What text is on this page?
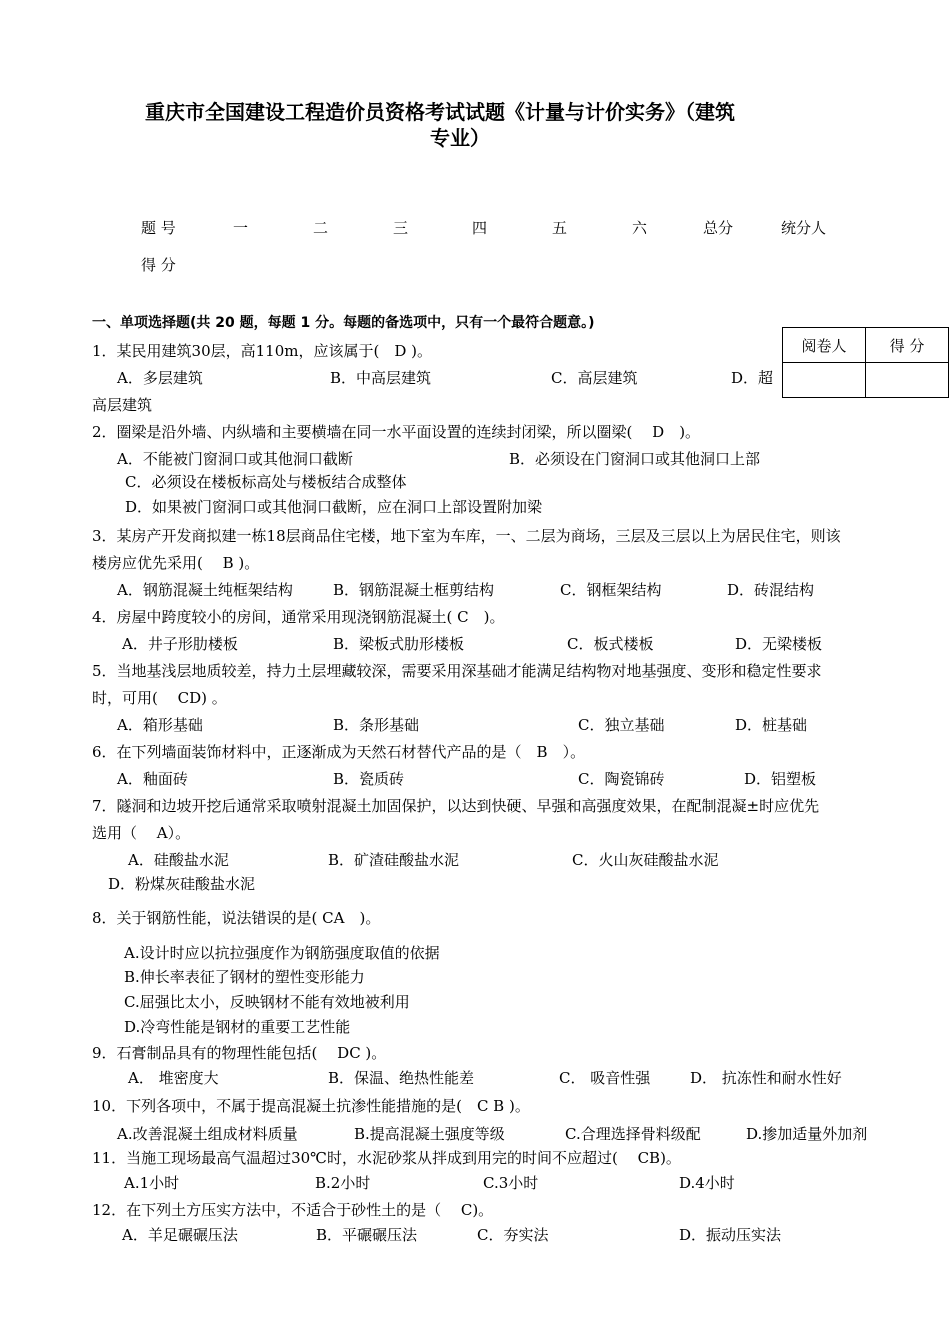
重庆市全国建设工程造价员资格考试试题《计量与计价实务》（建筑
专业）
题 号	一	二	三	四	五	六	总分	统分人
得 分
一、单项选择题(共 20 题，每题 1 分。每题的备选项中，只有一个最符合题意。)
阅卷人	得 分

1．某民用建筑30层，高110m，应该属于(　D )。
A．多层建筑	B．中高层建筑	C．高层建筑	D．超
高层建筑
2．圈梁是沿外墙、内纵墙和主要横墙在同一水平面设置的连续封闭梁，所以圈梁(　 D　)。
A．不能被门窗洞口或其他洞口截断	B．必须设在门窗洞口或其他洞口上部
C．必须设在楼板标高处与楼板结合成整体
D．如果被门窗洞口或其他洞口截断，应在洞口上部设置附加梁
3．某房产开发商拟建一栋18层商品住宅楼，地下室为车库，一、二层为商场，三层及三层以上为居民住宅，则该
楼房应优先采用(　 B )。
A．钢筋混凝土纯框架结构	B．钢筋混凝土框剪结构	C．钢框架结构	D．砖混结构
4．房屋中跨度较小的房间，通常采用现浇钢筋混凝土( C　)。
A．井子形肋楼板	B．梁板式肋形楼板	C．板式楼板	D．无梁楼板
5．当地基浅层地质较差，持力土层埋藏较深，需要采用深基础才能满足结构物对地基强度、变形和稳定性要求
时，可用(　 CD) 。
A．箱形基础	B．条形基础	C．独立基础	D．桩基础
6．在下列墙面装饰材料中，正逐渐成为天然石材替代产品的是（　B　）。
A．釉面砖	B．瓷质砖	C．陶瓷锦砖	D．铝塑板
7．隧洞和边坡开挖后通常采取喷射混凝土加固保护，以达到快硬、早强和高强度效果，在配制混凝±时应优先
选用（　 A）。
A．硅酸盐水泥	B．矿渣硅酸盐水泥	C．火山灰硅酸盐水泥
D．粉煤灰硅酸盐水泥
8．关于钢筋性能，说法错误的是( CA　)。
A.设计时应以抗拉强度作为钢筋强度取值的依据
B.伸长率表征了钢材的塑性变形能力
C.屈强比太小，反映钢材不能有效地被利用
D.冷弯性能是钢材的重要工艺性能
9．石膏制品具有的物理性能包括(　 DC )。
A． 堆密度大	B．保温、绝热性能差	C． 吸音性强	D． 抗冻性和耐水性好
10．下列各项中，不属于提高混凝土抗渗性能措施的是(　C B )。
A.改善混凝土组成材料质量	B.提高混凝土强度等级	C.合理选择骨料级配	D.掺加适量外加剂
11．当施工现场最高气温超过30℃时，水泥砂浆从拌成到用完的时间不应超过(　 CB)。
A.1小时	B.2小时	C.3小时	D.4小时
12．在下列土方压实方法中，不适合于砂性土的是（　 C)。
A．羊足碾碾压法	B．平碾碾压法	C．夯实法	D．振动压实法
